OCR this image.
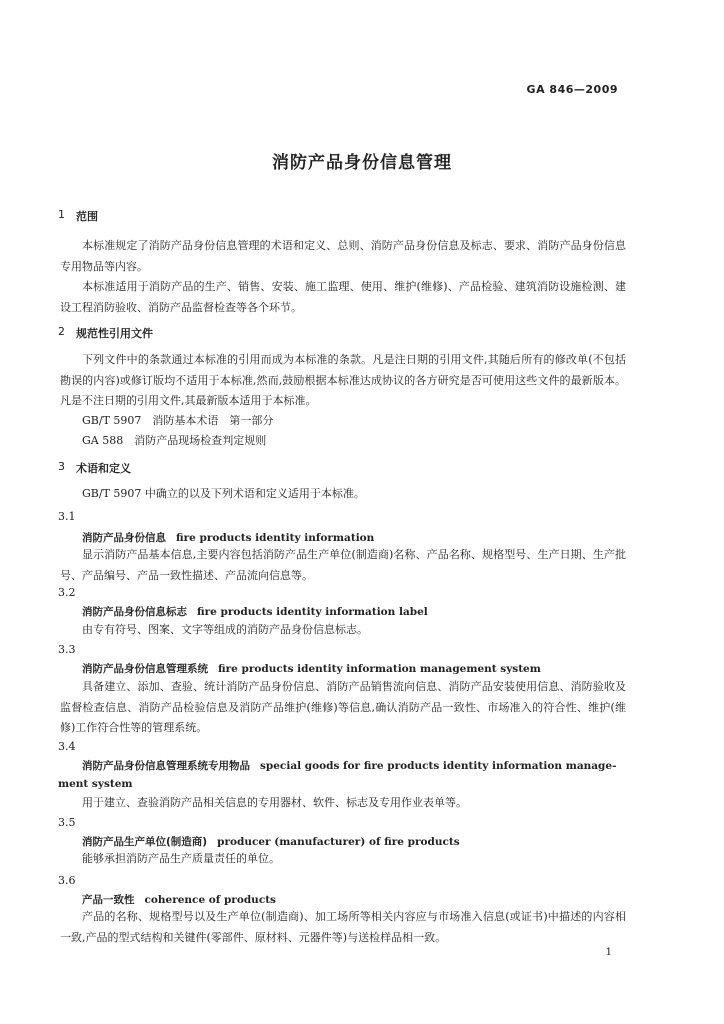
GA 846—2009
消防产品身份信息管理
1 范围
本标准规定了消防产品身份信息管理的术语和定义、总则、消防产品身份信息及标志、要求、消防产品身份信息专用物品等内容。
本标准适用于消防产品的生产、销售、安装、施工监理、使用、维护(维修)、产品检验、建筑消防设施检测、建设工程消防验收、消防产品监督检查等各个环节。
2 规范性引用文件
下列文件中的条款通过本标准的引用而成为本标准的条款。凡是注日期的引用文件,其随后所有的修改单(不包括勘误的内容)或修订版均不适用于本标准,然而,鼓励根据本标准达成协议的各方研究是否可使用这些文件的最新版本。凡是不注日期的引用文件,其最新版本适用于本标准。
GB/T 5907　消防基本术语　第一部分
GA 588　消防产品现场检查判定规则
3 术语和定义
GB/T 5907 中确立的以及下列术语和定义适用于本标准。
3.1
消防产品身份信息 fire products identity information
显示消防产品基本信息,主要内容包括消防产品生产单位(制造商)名称、产品名称、规格型号、生产日期、生产批号、产品编号、产品一致性描述、产品流向信息等。
3.2
消防产品身份信息标志 fire products identity information label
由专有符号、图案、文字等组成的消防产品身份信息标志。
3.3
消防产品身份信息管理系统 fire products identity information management system
具备建立、添加、查验、统计消防产品身份信息、消防产品销售流向信息、消防产品安装使用信息、消防验收及监督检查信息、消防产品检验信息及消防产品维护(维修)等信息,确认消防产品一致性、市场准入的符合性、维护(维修)工作符合性等的管理系统。
3.4
消防产品身份信息管理系统专用物品 special goods for fire products identity information manage-
ment system
用于建立、查验消防产品相关信息的专用器材、软件、标志及专用作业表单等。
3.5
消防产品生产单位(制造商) producer (manufacturer) of fire products
能够承担消防产品生产质量责任的单位。
3.6
产品一致性 coherence of products
产品的名称、规格型号以及生产单位(制造商)、加工场所等相关内容应与市场准入信息(或证书)中描述的内容相一致,产品的型式结构和关键件(零部件、原材料、元器件等)与送检样品相一致。
1
